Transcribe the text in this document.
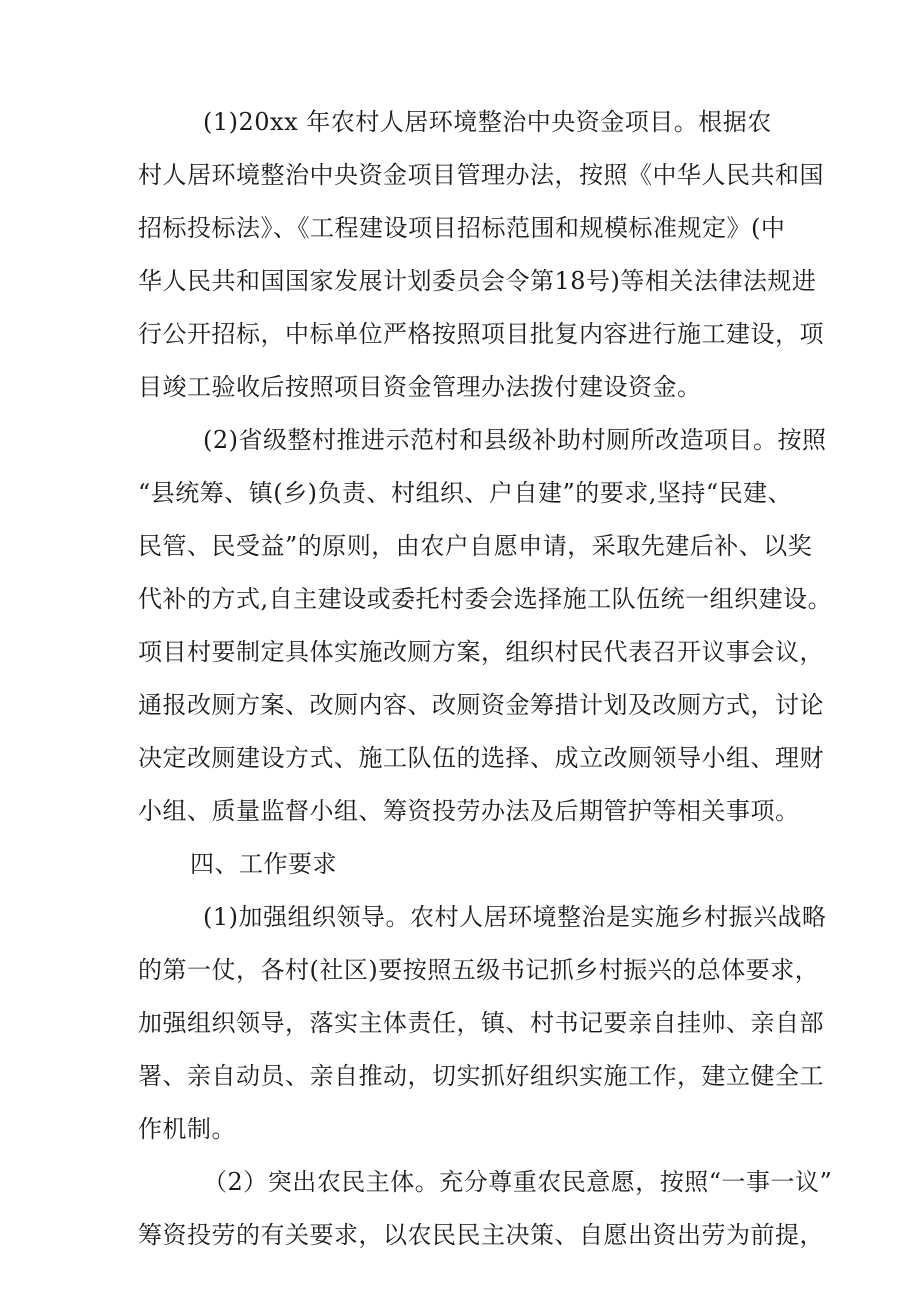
(1)20xx 年农村人居环境整治中央资金项目。根据农
村人居环境整治中央资金项目管理办法，按照《中华人民共和国
招标投标法》、《工程建设项目招标范围和规模标准规定》(中
华人民共和国国家发展计划委员会令第18号)等相关法律法规进
行公开招标，中标单位严格按照项目批复内容进行施工建设，项
目竣工验收后按照项目资金管理办法拨付建设资金。
(2)省级整村推进示范村和县级补助村厕所改造项目。按照
“县统筹、镇(乡)负责、村组织、户自建”的要求,坚持“民建、
民管、民受益”的原则，由农户自愿申请，采取先建后补、以奖
代补的方式,自主建设或委托村委会选择施工队伍统一组织建设。
项目村要制定具体实施改厕方案，组织村民代表召开议事会议，
通报改厕方案、改厕内容、改厕资金筹措计划及改厕方式，讨论
决定改厕建设方式、施工队伍的选择、成立改厕领导小组、理财
小组、质量监督小组、筹资投劳办法及后期管护等相关事项。
四、工作要求
(1)加强组织领导。农村人居环境整治是实施乡村振兴战略
的第一仗，各村(社区)要按照五级书记抓乡村振兴的总体要求，
加强组织领导，落实主体责任，镇、村书记要亲自挂帅、亲自部
署、亲自动员、亲自推动，切实抓好组织实施工作，建立健全工
作机制。
（2）突出农民主体。充分尊重农民意愿，按照“一事一议”
筹资投劳的有关要求，以农民民主决策、自愿出资出劳为前提，
